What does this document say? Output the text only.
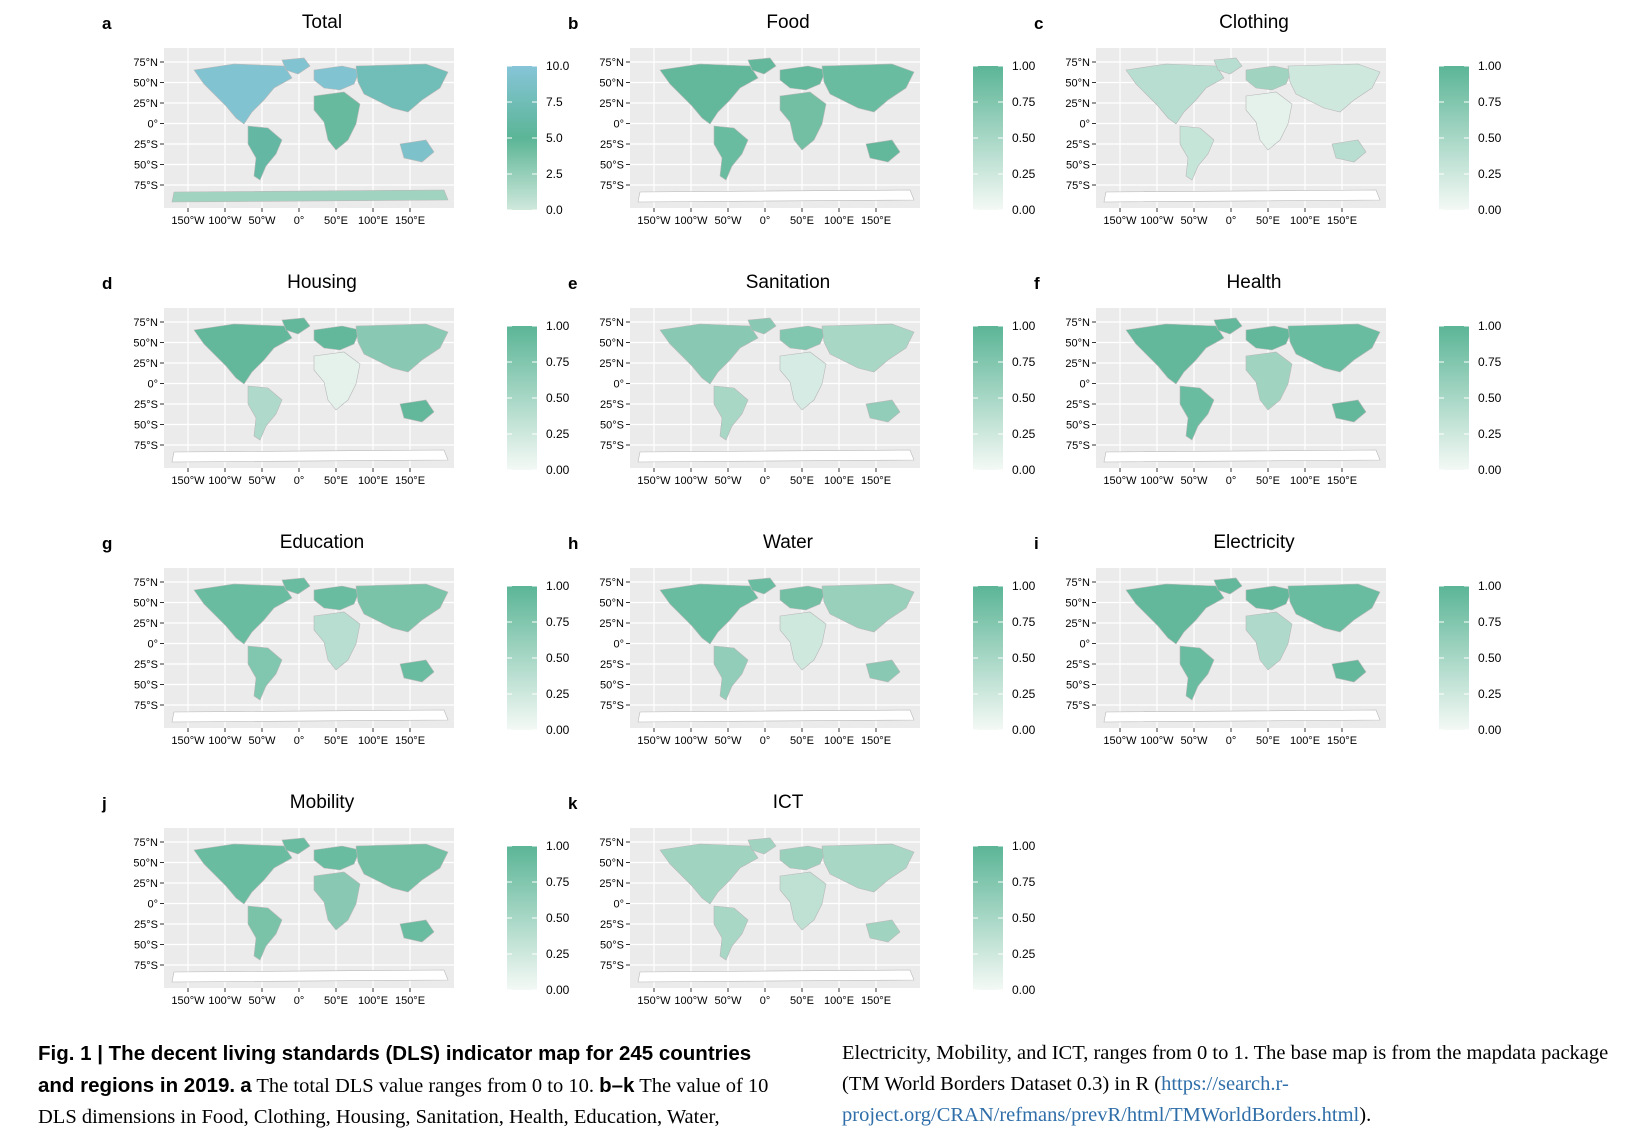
a	Total
75°N
50°N
25°N
0°
25°S
50°S
75°S
150°W 100°W 50°W 0° 50°E 100°E 150°E
10.0
7.5
5.0
2.5
0.0
b	Food
75°N
50°N
25°N
0°
25°S
50°S
75°S
150°W 100°W 50°W 0° 50°E 100°E 150°E
1.00
0.75
0.50
0.25
0.00
c	Clothing
75°N
50°N
25°N
0°
25°S
50°S
75°S
150°W 100°W 50°W 0° 50°E 100°E 150°E
1.00
0.75
0.50
0.25
0.00
d	Housing
75°N
50°N
25°N
0°
25°S
50°S
75°S
150°W 100°W 50°W 0° 50°E 100°E 150°E
1.00
0.75
0.50
0.25
0.00
e	Sanitation
75°N
50°N
25°N
0°
25°S
50°S
75°S
150°W 100°W 50°W 0° 50°E 100°E 150°E
1.00
0.75
0.50
0.25
0.00
f	Health
75°N
50°N
25°N
0°
25°S
50°S
75°S
150°W 100°W 50°W 0° 50°E 100°E 150°E
1.00
0.75
0.50
0.25
0.00
g	Education
75°N
50°N
25°N
0°
25°S
50°S
75°S
150°W 100°W 50°W 0° 50°E 100°E 150°E
1.00
0.75
0.50
0.25
0.00
h	Water
75°N
50°N
25°N
0°
25°S
50°S
75°S
150°W 100°W 50°W 0° 50°E 100°E 150°E
1.00
0.75
0.50
0.25
0.00
i	Electricity
75°N
50°N
25°N
0°
25°S
50°S
75°S
150°W 100°W 50°W 0° 50°E 100°E 150°E
1.00
0.75
0.50
0.25
0.00
j	Mobility
75°N
50°N
25°N
0°
25°S
50°S
75°S
150°W 100°W 50°W 0° 50°E 100°E 150°E
1.00
0.75
0.50
0.25
0.00
k	ICT
75°N
50°N
25°N
0°
25°S
50°S
75°S
150°W 100°W 50°W 0° 50°E 100°E 150°E
1.00
0.75
0.50
0.25
0.00
Fig. 1 | The decent living standards (DLS) indicator map for 245 countries and regions in 2019. a The total DLS value ranges from 0 to 10. b–k The value of 10 DLS dimensions in Food, Clothing, Housing, Sanitation, Health, Education, Water,
Electricity, Mobility, and ICT, ranges from 0 to 1. The base map is from the mapdata package (TM World Borders Dataset 0.3) in R (https://search.r-project.org/CRAN/refmans/prevR/html/TMWorldBorders.html).
